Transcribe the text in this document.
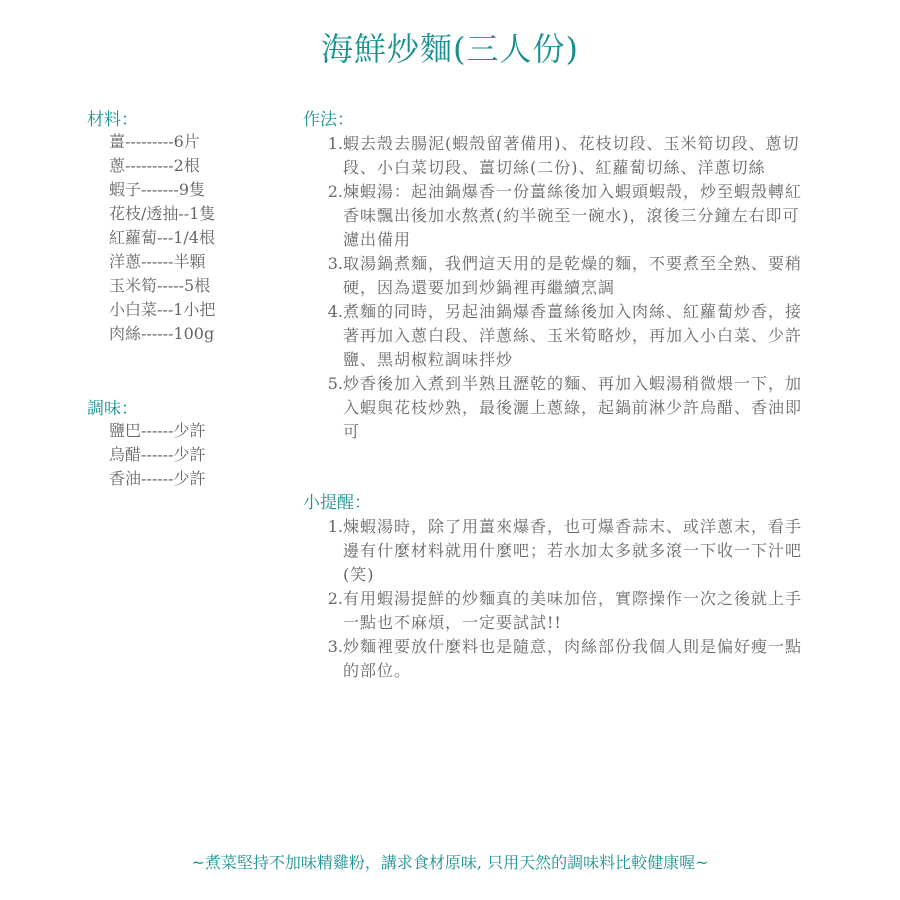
海鮮炒麵(三人份)
材料：
薑---------6片
蔥---------2根
蝦子-------9隻
花枝/透抽--1隻
紅蘿蔔---1/4根
洋蔥------半顆
玉米筍-----5根
小白菜---1小把
肉絲------100g
調味：
鹽巴------少許
烏醋------少許
香油------少許
作法：
1. 蝦去殼去腸泥(蝦殼留著備用)、花枝切段、玉米筍切段、蔥切段、小白菜切段、薑切絲(二份)、紅蘿蔔切絲、洋蔥切絲
2. 煉蝦湯：起油鍋爆香一份薑絲後加入蝦頭蝦殼，炒至蝦殼轉紅香味飄出後加水熬煮(約半碗至一碗水)，滾後三分鐘左右即可濾出備用
3. 取湯鍋煮麵，我們這天用的是乾燥的麵，不要煮至全熟、要稍硬，因為還要加到炒鍋裡再繼續烹調
4. 煮麵的同時，另起油鍋爆香薑絲後加入肉絲、紅蘿蔔炒香，接著再加入蔥白段、洋蔥絲、玉米筍略炒，再加入小白菜、少許鹽、黑胡椒粒調味拌炒
5. 炒香後加入煮到半熟且瀝乾的麵、再加入蝦湯稍微煨一下，加入蝦與花枝炒熟，最後灑上蔥綠，起鍋前淋少許烏醋、香油即可
小提醒：
1. 煉蝦湯時，除了用薑來爆香，也可爆香蒜末、或洋蔥末，看手邊有什麼材料就用什麼吧；若水加太多就多滾一下收一下汁吧(笑)
2. 有用蝦湯提鮮的炒麵真的美味加倍，實際操作一次之後就上手一點也不麻煩，一定要試試!!
3. 炒麵裡要放什麼料也是隨意，肉絲部份我個人則是偏好瘦一點的部位。
~煮菜堅持不加味精雞粉，講求食材原味, 只用天然的調味料比較健康喔~
